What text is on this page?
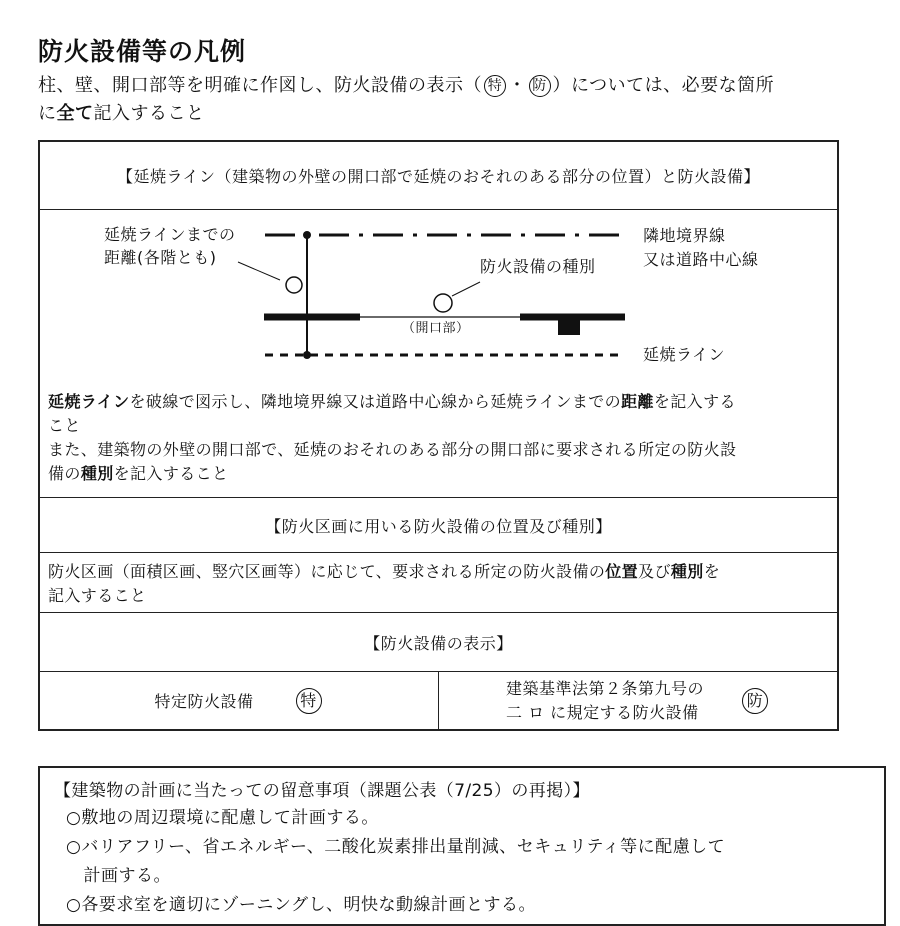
防火設備等の凡例
柱、壁、開口部等を明確に作図し、防火設備の表示（ 特 ・ 防 ）については、必要な箇所
に全て記入すること
【延焼ライン（建築物の外壁の開口部で延焼のおそれのある部分の位置）と防火設備】
延焼ラインまでの
距離(各階とも)	防火設備の種別
（開口部）
隣地境界線
又は道路中心線
延焼ライン
延焼ラインを破線で図示し、隣地境界線又は道路中心線から延焼ラインまでの距離を記入する
こと
また、建築物の外壁の開口部で、延焼のおそれのある部分の開口部に要求される所定の防火設
備の種別を記入すること
【防火区画に用いる防火設備の位置及び種別】
防火区画（面積区画、竪穴区画等）に応じて、要求される所定の防火設備の位置及び種別を
記入すること
【防火設備の表示】
特定防火設備	特
建築基準法第２条第九号の
二 ロ に規定する防火設備
防
【建築物の計画に当たっての留意事項（課題公表（7/25）の再掲）】
○敷地の周辺環境に配慮して計画する。
○バリアフリー、省エネルギー、二酸化炭素排出量削減、セキュリティ等に配慮して
　計画する。
○各要求室を適切にゾーニングし、明快な動線計画とする。
